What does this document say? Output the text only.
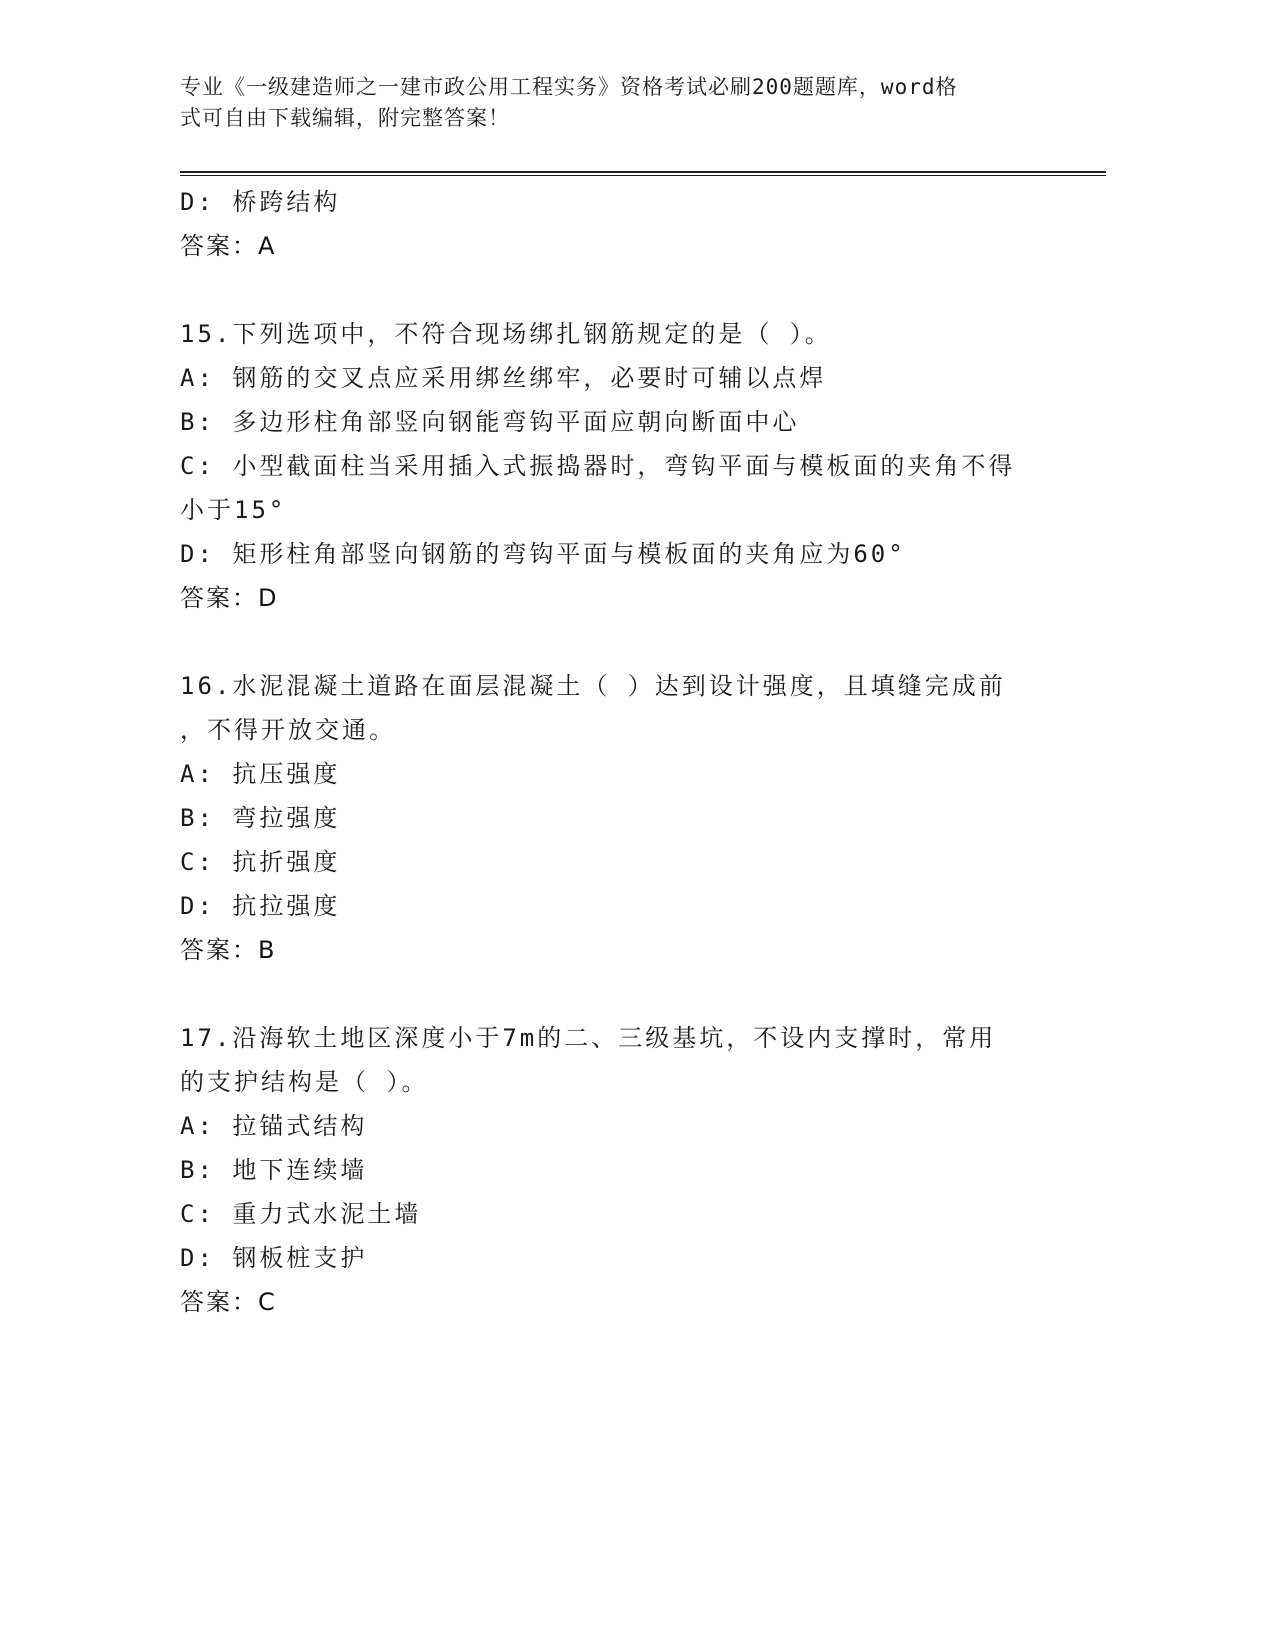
专业《一级建造师之一建市政公用工程实务》资格考试必刷200题题库，word格
式可自由下载编辑，附完整答案！
D: 桥跨结构
答案：A
15.下列选项中，不符合现场绑扎钢筋规定的是（ ）。
A: 钢筋的交叉点应采用绑丝绑牢，必要时可辅以点焊
B: 多边形柱角部竖向钢能弯钩平面应朝向断面中心
C: 小型截面柱当采用插入式振捣器时，弯钩平面与模板面的夹角不得
小于15°
D: 矩形柱角部竖向钢筋的弯钩平面与模板面的夹角应为60°
答案：D
16.水泥混凝土道路在面层混凝土（ ）达到设计强度，且填缝完成前
，不得开放交通。
A: 抗压强度
B: 弯拉强度
C: 抗折强度
D: 抗拉强度
答案：B
17.沿海软土地区深度小于7m的二、三级基坑，不设内支撑时，常用
的支护结构是（ ）。
A: 拉锚式结构
B: 地下连续墙
C: 重力式水泥土墙
D: 钢板桩支护
答案：C
